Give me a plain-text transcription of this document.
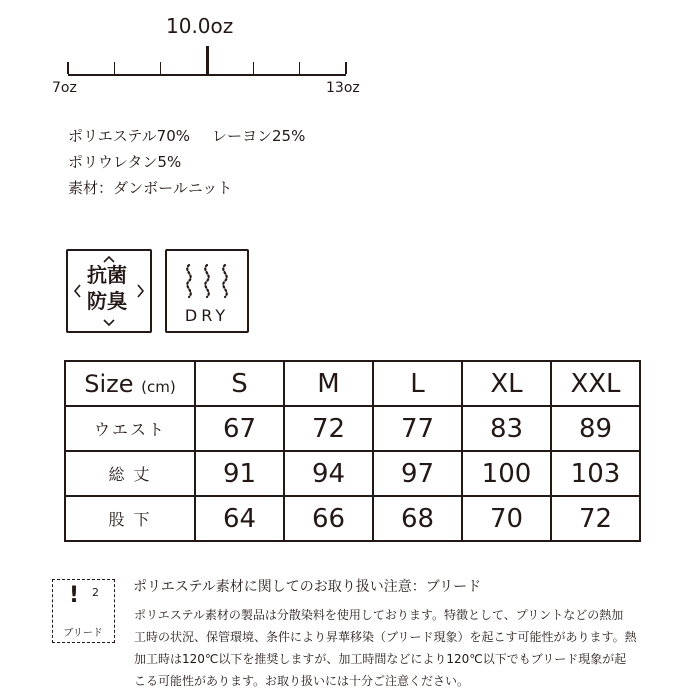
10.0oz
7oz	13oz
ポリエステル70% レーヨン25%
ポリウレタン5%
素材：ダンボールニット
抗菌
防臭
DRY
Size (cm)	S	M	L	XL	XXL
ウエスト	67	72	77	83	89
総 丈	91	94	97	100	103
股 下	64	66	68	70	72
! 2
ブリード
ポリエステル素材に関してのお取り扱い注意：ブリード
ポリエステル素材の製品は分散染料を使用しております。特徴として、プリントなどの熱加
工時の状況、保管環境、条件により昇華移染（ブリード現象）を起こす可能性があります。熱
加工時は120℃以下を推奨しますが、加工時間などにより120℃以下でもブリード現象が起
こる可能性があります。お取り扱いには十分ご注意ください。
